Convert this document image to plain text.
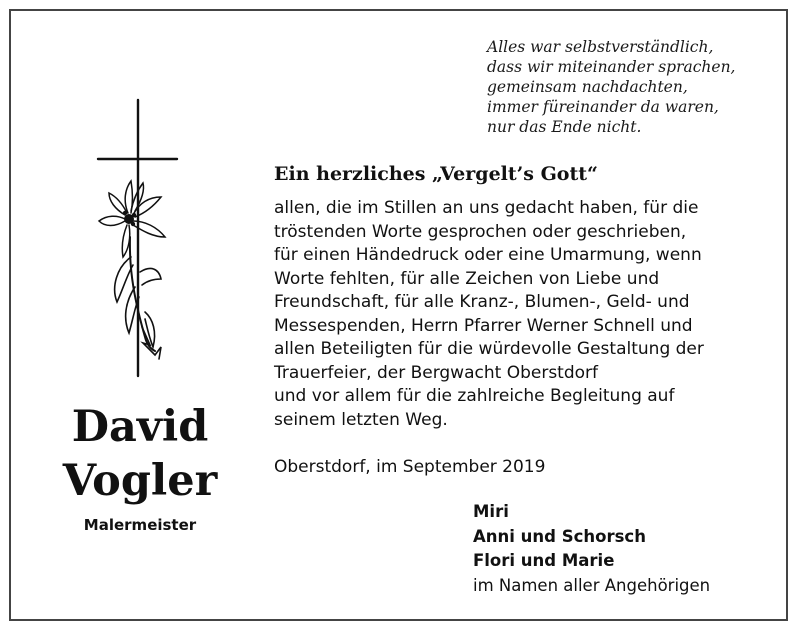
Alles war selbstverständlich,
dass wir miteinander sprachen,
gemeinsam nachdachten,
immer füreinander da waren,
nur das Ende nicht.
Ein herzliches „Vergelt’s Gott“
allen, die im Stillen an uns gedacht haben, für die
tröstenden Worte gesprochen oder geschrieben,
für einen Händedruck oder eine Umarmung, wenn
Worte fehlten, für alle Zeichen von Liebe und
Freundschaft, für alle Kranz-, Blumen-, Geld- und
Messespenden, Herrn Pfarrer Werner Schnell und
allen Beteiligten für die würdevolle Gestaltung der
Trauerfeier, der Bergwacht Oberstdorf
und vor allem für die zahlreiche Begleitung auf
seinem letzten Weg.
David
Vogler
Malermeister
Oberstdorf, im September 2019
Miri
Anni und Schorsch
Flori und Marie
im Namen aller Angehörigen
